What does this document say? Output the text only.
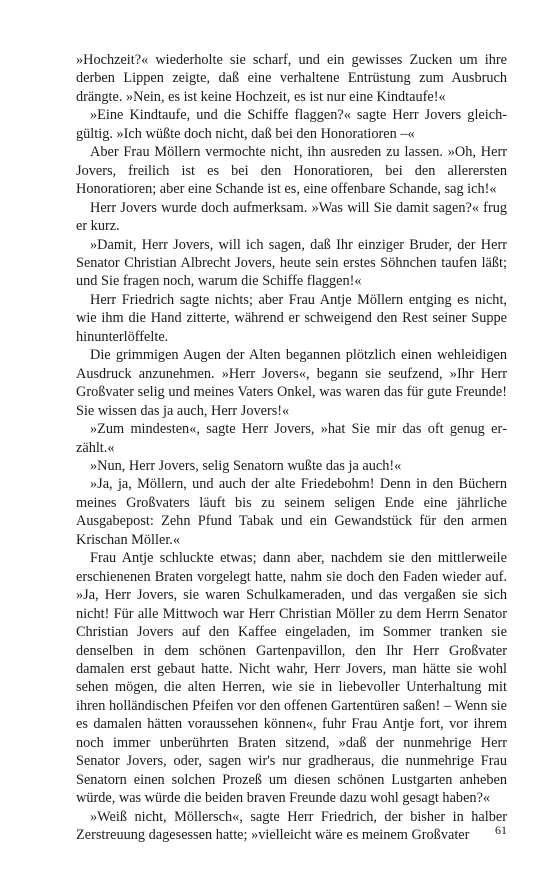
»Hochzeit?« wiederholte sie scharf, und ein gewisses Zucken um ihre derben Lippen zeigte, daß eine verhaltene Entrüstung zum Ausbruch drängte. »Nein, es ist keine Hochzeit, es ist nur eine Kindtaufe!«

»Eine Kindtaufe, und die Schiffe flaggen?« sagte Herr Jovers gleichgültig. »Ich wüßte doch nicht, daß bei den Honoratioren –«

Aber Frau Möllern vermochte nicht, ihn ausreden zu lassen. »Oh, Herr Jovers, freilich ist es bei den Honoratioren, bei den allerersten Honoratioren; aber eine Schande ist es, eine offenbare Schande, sag ich!«

Herr Jovers wurde doch aufmerksam. »Was will Sie damit sagen?« frug er kurz.

»Damit, Herr Jovers, will ich sagen, daß Ihr einziger Bruder, der Herr Senator Christian Albrecht Jovers, heute sein erstes Söhnchen taufen läßt; und Sie fragen noch, warum die Schiffe flaggen!«

Herr Friedrich sagte nichts; aber Frau Antje Möllern entging es nicht, wie ihm die Hand zitterte, während er schweigend den Rest seiner Suppe hinunterlöffelte.

Die grimmigen Augen der Alten begannen plötzlich einen wehleidigen Ausdruck anzunehmen. »Herr Jovers«, begann sie seufzend, »Ihr Herr Großvater selig und meines Vaters Onkel, was waren das für gute Freunde! Sie wissen das ja auch, Herr Jovers!«

»Zum mindesten«, sagte Herr Jovers, »hat Sie mir das oft genug erzählt.«

»Nun, Herr Jovers, selig Senatorn wußte das ja auch!«

»Ja, ja, Möllern, und auch der alte Friedebohm! Denn in den Büchern meines Großvaters läuft bis zu seinem seligen Ende eine jährliche Ausgabepost: Zehn Pfund Tabak und ein Gewandstück für den armen Krischan Möller.«

Frau Antje schluckte etwas; dann aber, nachdem sie den mittlerweile erschienenen Braten vorgelegt hatte, nahm sie doch den Faden wieder auf. »Ja, Herr Jovers, sie waren Schulkameraden, und das vergaßen sie sich nicht! Für alle Mittwoch war Herr Christian Möller zu dem Herrn Senator Christian Jovers auf den Kaffee eingeladen, im Sommer tranken sie denselben in dem schönen Gartenpavillon, den Ihr Herr Großvater damalen erst gebaut hatte. Nicht wahr, Herr Jovers, man hätte sie wohl sehen mögen, die alten Herren, wie sie in liebevoller Unterhaltung mit ihren holländischen Pfeifen vor den offenen Gartentüren saßen! – Wenn sie es damalen hätten voraussehen können«, fuhr Frau Antje fort, vor ihrem noch immer unberührten Braten sitzend, »daß der nunmehrige Herr Senator Jovers, oder, sagen wir's nur gradheraus, die nunmehrige Frau Senatorn einen solchen Prozeß um diesen schönen Lustgarten anheben würde, was würde die beiden braven Freunde dazu wohl gesagt haben?«

»Weiß nicht, Möllersch«, sagte Herr Friedrich, der bisher in halber Zerstreuung dagesessen hatte; »vielleicht wäre es meinem Großvater	61
